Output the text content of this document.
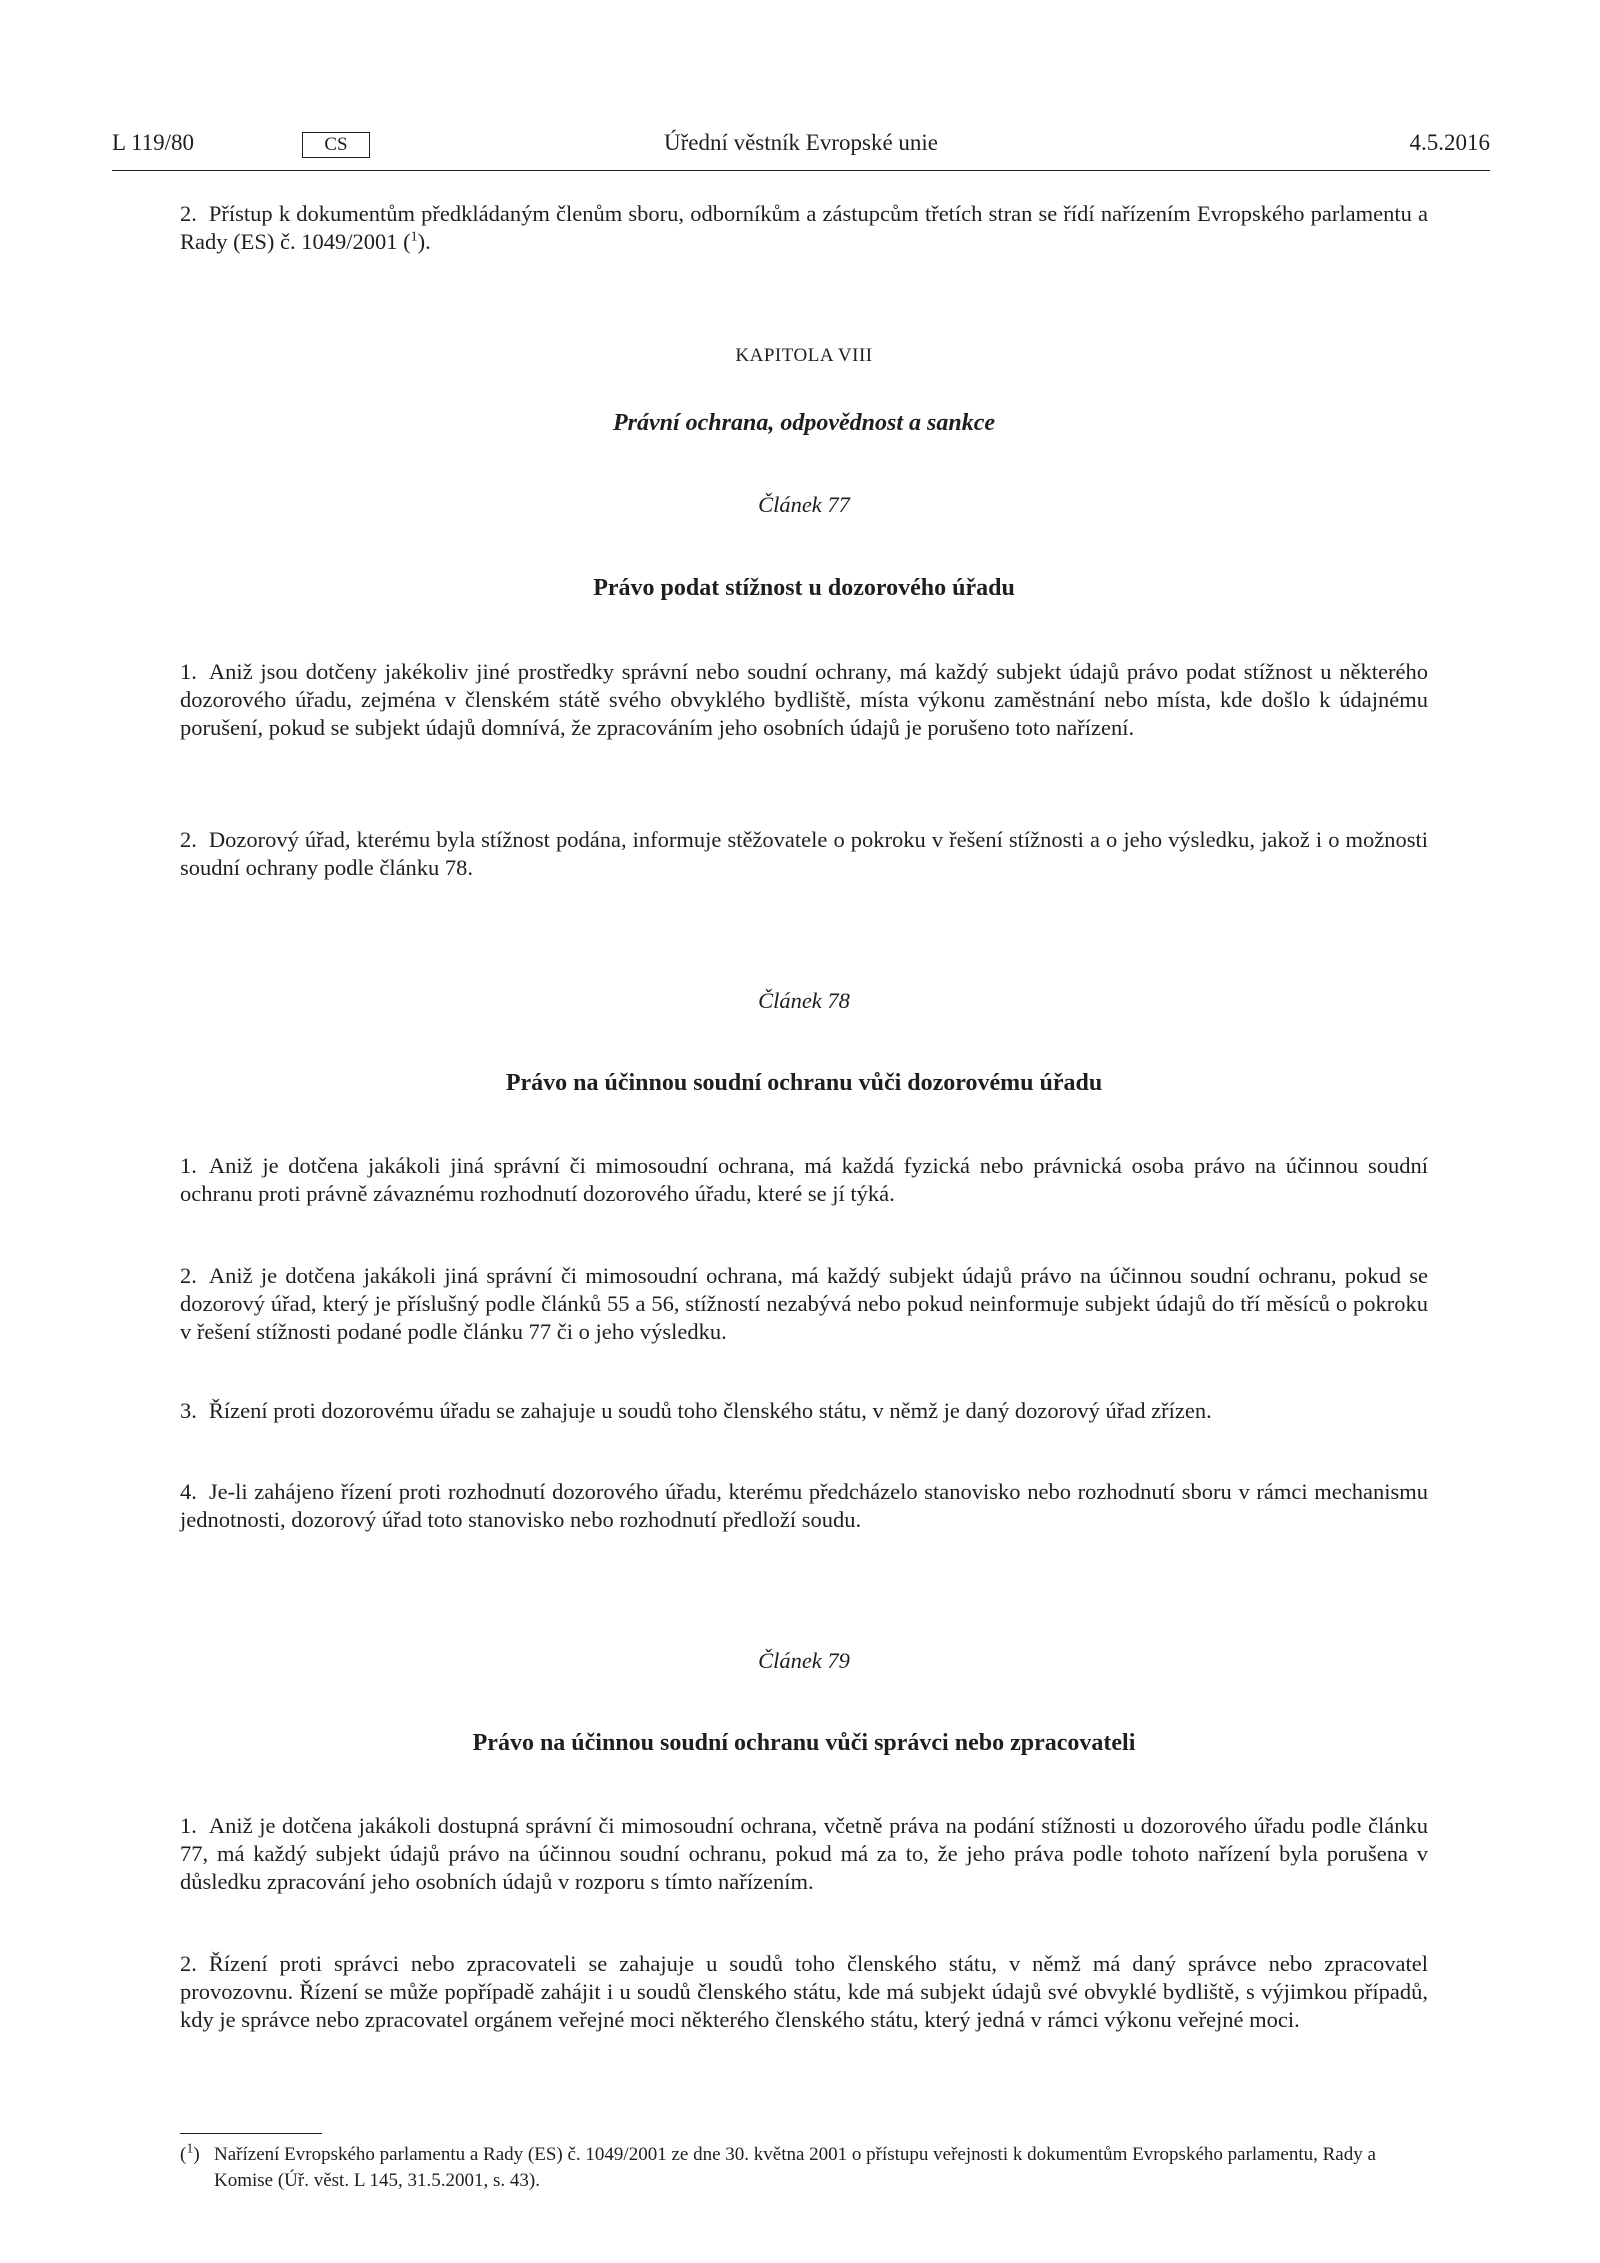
L 119/80	CS	Úřední věstník Evropské unie	4.5.2016
2. Přístup k dokumentům předkládaným členům sboru, odborníkům a zástupcům třetích stran se řídí nařízením Evropského parlamentu a Rady (ES) č. 1049/2001 ($^1$).
KAPITOLA VIII
Právní ochrana, odpovědnost a sankce
Článek 77
Právo podat stížnost u dozorového úřadu
1. Aniž jsou dotčeny jakékoliv jiné prostředky správní nebo soudní ochrany, má každý subjekt údajů právo podat stížnost u některého dozorového úřadu, zejména v členském státě svého obvyklého bydliště, místa výkonu zaměstnání nebo místa, kde došlo k údajnému porušení, pokud se subjekt údajů domnívá, že zpracováním jeho osobních údajů je porušeno toto nařízení.
2. Dozorový úřad, kterému byla stížnost podána, informuje stěžovatele o pokroku v řešení stížnosti a o jeho výsledku, jakož i o možnosti soudní ochrany podle článku 78.
Článek 78
Právo na účinnou soudní ochranu vůči dozorovému úřadu
1. Aniž je dotčena jakákoli jiná správní či mimosoudní ochrana, má každá fyzická nebo právnická osoba právo na účinnou soudní ochranu proti právně závaznému rozhodnutí dozorového úřadu, které se jí týká.
2. Aniž je dotčena jakákoli jiná správní či mimosoudní ochrana, má každý subjekt údajů právo na účinnou soudní ochranu, pokud se dozorový úřad, který je příslušný podle článků 55 a 56, stížností nezabývá nebo pokud neinformuje subjekt údajů do tří měsíců o pokroku v řešení stížnosti podané podle článku 77 či o jeho výsledku.
3. Řízení proti dozorovému úřadu se zahajuje u soudů toho členského státu, v němž je daný dozorový úřad zřízen.
4. Je-li zahájeno řízení proti rozhodnutí dozorového úřadu, kterému předcházelo stanovisko nebo rozhodnutí sboru v rámci mechanismu jednotnosti, dozorový úřad toto stanovisko nebo rozhodnutí předloží soudu.
Článek 79
Právo na účinnou soudní ochranu vůči správci nebo zpracovateli
1. Aniž je dotčena jakákoli dostupná správní či mimosoudní ochrana, včetně práva na podání stížnosti u dozorového úřadu podle článku 77, má každý subjekt údajů právo na účinnou soudní ochranu, pokud má za to, že jeho práva podle tohoto nařízení byla porušena v důsledku zpracování jeho osobních údajů v rozporu s tímto nařízením.
2. Řízení proti správci nebo zpracovateli se zahajuje u soudů toho členského státu, v němž má daný správce nebo zpracovatel provozovnu. Řízení se může popřípadě zahájit i u soudů členského státu, kde má subjekt údajů své obvyklé bydliště, s výjimkou případů, kdy je správce nebo zpracovatel orgánem veřejné moci některého členského státu, který jedná v rámci výkonu veřejné moci.
($^1$) Nařízení Evropského parlamentu a Rady (ES) č. 1049/2001 ze dne 30. května 2001 o přístupu veřejnosti k dokumentům Evropského parlamentu, Rady a Komise (Úř. věst. L 145, 31.5.2001, s. 43).
